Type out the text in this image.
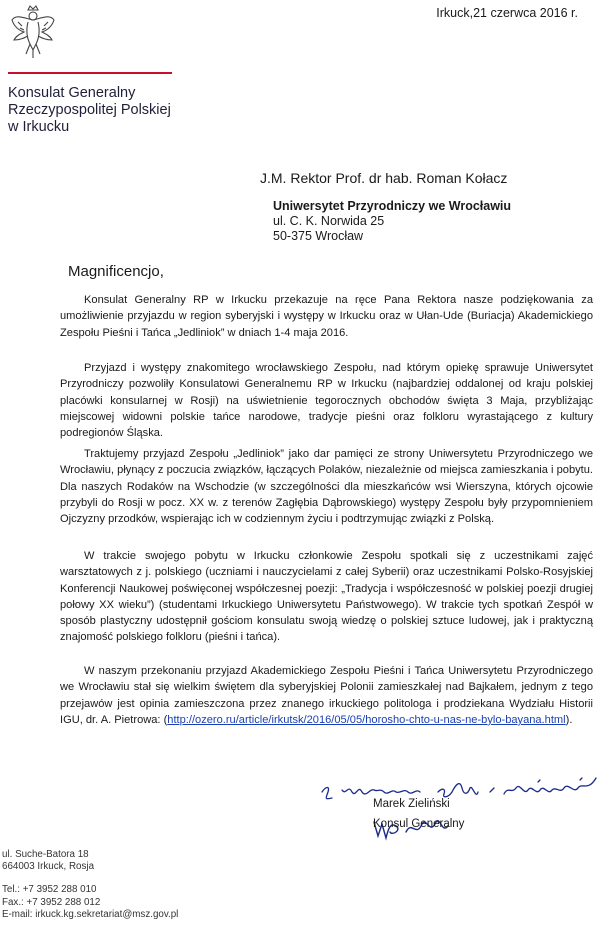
Irkuck,21 czerwca 2016 r.
Konsulat Generalny
Rzeczypospolitej Polskiej
w Irkucku
J.M. Rektor Prof. dr hab. Roman Kołacz
Uniwersytet Przyrodniczy we Wrocławiu
ul. C. K. Norwida 25
50-375 Wrocław
Magnificencjo,

Konsulat Generalny RP w Irkucku przekazuje na ręce Pana Rektora nasze podziękowania za umożliwienie przyjazdu w region syberyjski i występy w Irkucku oraz w Ułan-Ude (Buriacja) Akademickiego Zespołu Pieśni i Tańca „Jedliniok” w dniach 1-4 maja 2016.

Przyjazd i występy znakomitego wrocławskiego Zespołu, nad którym opiekę sprawuje Uniwersytet Przyrodniczy pozwoliły Konsulatowi Generalnemu RP w Irkucku (najbardziej oddalonej od kraju polskiej placówki konsularnej w Rosji) na uświetnienie tegorocznych obchodów święta 3 Maja, przybliżając miejscowej widowni polskie tańce narodowe, tradycje pieśni oraz folkloru wyrastającego z kultury podregionów Śląska.

Traktujemy przyjazd Zespołu „Jedliniok” jako dar pamięci ze strony Uniwersytetu Przyrodniczego we Wrocławiu, płynący z poczucia związków, łączących Polaków, niezależnie od miejsca zamieszkania i pobytu. Dla naszych Rodaków na Wschodzie (w szczególności dla mieszkańców wsi Wierszyna, których ojcowie przybyli do Rosji w pocz. XX w. z terenów Zagłębia Dąbrowskiego) występy Zespołu były przypomnieniem Ojczyzny przodków, wspierając ich w codziennym życiu i podtrzymując związki z Polską.

W trakcie swojego pobytu w Irkucku członkowie Zespołu spotkali się z uczestnikami zajęć warsztatowych z j. polskiego (uczniami i nauczycielami z całej Syberii) oraz uczestnikami Polsko-Rosyjskiej Konferencji Naukowej poświęconej współczesnej poezji: „Tradycja i współczesność w polskiej poezji drugiej połowy XX wieku”) (studentami Irkuckiego Uniwersytetu Państwowego). W trakcie tych spotkań Zespół w sposób plastyczny udostępnił gościom konsulatu swoją wiedzę o polskiej sztuce ludowej, jak i praktyczną znajomość polskiego folkloru (pieśni i tańca).

W naszym przekonaniu przyjazd Akademickiego Zespołu Pieśni i Tańca Uniwersytetu Przyrodniczego we Wrocławiu stał się wielkim świętem dla syberyjskiej Polonii zamieszkałej nad Bajkałem, jednym z tego przejawów jest opinia zamieszczona przez znanego irkuckiego politologa i prodziekana Wydziału Historii IGU, dr. A. Pietrowa: (http://ozero.ru/article/irkutsk/2016/05/05/horosho-chto-u-nas-ne-bylo-bayana.html).

Marek Zieliński
Konsul Generalny
ul. Suche-Batora 18
664003 Irkuck, Rosja
Tel.: +7 3952 288 010
Fax.: +7 3952 288 012
E-mail: irkuck.kg.sekretariat@msz.gov.pl
